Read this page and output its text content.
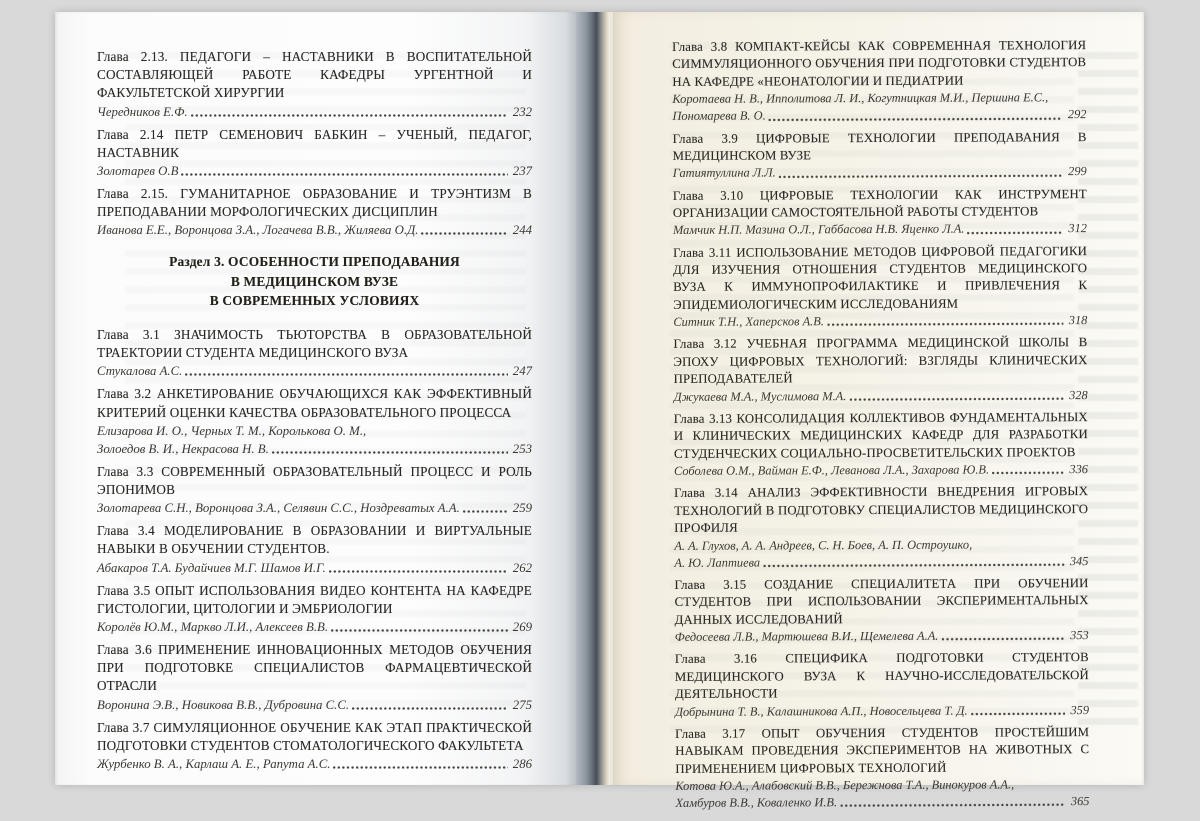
Глава 2.13. ПЕДАГОГИ – НАСТАВНИКИ В ВОСПИТАТЕЛЬНОЙ СОСТАВЛЯЮЩЕЙ РАБОТЕ КАФЕДРЫ УРГЕНТНОЙ И ФАКУЛЬТЕТСКОЙ ХИРУРГИИ
Чередников Е.Ф.	232
Глава 2.14 ПЕТР СЕМЕНОВИЧ БАБКИН – УЧЕНЫЙ, ПЕДАГОГ, НАСТАВНИК
Золотарев О.В	237
Глава 2.15. ГУМАНИТАРНОЕ ОБРАЗОВАНИЕ И ТРУЭНТИЗМ В ПРЕПОДАВАНИИ МОРФОЛОГИЧЕСКИХ ДИСЦИПЛИН
Иванова Е.Е., Воронцова З.А., Логачева В.В., Жиляева О.Д.	244
Раздел 3. ОСОБЕННОСТИ ПРЕПОДАВАНИЯ
В МЕДИЦИНСКОМ ВУЗЕ
В СОВРЕМЕННЫХ УСЛОВИЯХ
Глава 3.1 ЗНАЧИМОСТЬ ТЬЮТОРСТВА В ОБРАЗОВАТЕЛЬНОЙ ТРАЕКТОРИИ СТУДЕНТА МЕДИЦИНСКОГО ВУЗА
Стукалова А.С.	247
Глава 3.2 АНКЕТИРОВАНИЕ ОБУЧАЮЩИХСЯ КАК ЭФФЕКТИВНЫЙ КРИТЕРИЙ ОЦЕНКИ КАЧЕСТВА ОБРАЗОВАТЕЛЬНОГО ПРОЦЕССА
Елизарова И. О., Черных Т. М., Королькова О. М.,
Золоедов В. И., Некрасова Н. В.	253
Глава 3.3 СОВРЕМЕННЫЙ ОБРАЗОВАТЕЛЬНЫЙ ПРОЦЕСС И РОЛЬ ЭПОНИМОВ
Золотарева С.Н., Воронцова З.А., Селявин С.С., Ноздреватых А.А.	259
Глава 3.4 МОДЕЛИРОВАНИЕ В ОБРАЗОВАНИИ И ВИРТУАЛЬНЫЕ НАВЫКИ В ОБУЧЕНИИ СТУДЕНТОВ.
Абакаров Т.А. Будайчиев М.Г. Шамов И.Г.	262
Глава 3.5 ОПЫТ ИСПОЛЬЗОВАНИЯ ВИДЕО КОНТЕНТА НА КАФЕДРЕ ГИСТОЛОГИИ, ЦИТОЛОГИИ И ЭМБРИОЛОГИИ
Королёв Ю.М., Маркво Л.И., Алексеев В.В.	269
Глава 3.6 ПРИМЕНЕНИЕ ИННОВАЦИОННЫХ МЕТОДОВ ОБУЧЕНИЯ ПРИ ПОДГОТОВКЕ СПЕЦИАЛИСТОВ ФАРМАЦЕВТИЧЕСКОЙ ОТРАСЛИ
Воронина Э.В., Новикова В.В., Дубровина С.С.	275
Глава 3.7 СИМУЛЯЦИОННОЕ ОБУЧЕНИЕ КАК ЭТАП ПРАКТИЧЕСКОЙ ПОДГОТОВКИ СТУДЕНТОВ СТОМАТОЛОГИЧЕСКОГО ФАКУЛЬТЕТА
Журбенко В. А., Карлаш А. Е., Рапута А.С.	286
Глава 3.8 КОМПАКТ-КЕЙСЫ КАК СОВРЕМЕННАЯ ТЕХНОЛОГИЯ СИММУЛЯЦИОННОГО ОБУЧЕНИЯ ПРИ ПОДГОТОВКИ СТУДЕНТОВ НА КАФЕДРЕ «НЕОНАТОЛОГИИ И ПЕДИАТРИИ
Коротаева Н. В., Ипполитова Л. И., Когутницкая М.И., Першина Е.С.,
Пономарева В. О.	292
Глава 3.9 ЦИФРОВЫЕ ТЕХНОЛОГИИ ПРЕПОДАВАНИЯ В МЕДИЦИНСКОМ ВУЗЕ
Гатиятуллина Л.Л.	299
Глава 3.10 ЦИФРОВЫЕ ТЕХНОЛОГИИ КАК ИНСТРУМЕНТ ОРГАНИЗАЦИИ САМОСТОЯТЕЛЬНОЙ РАБОТЫ СТУДЕНТОВ
Мамчик Н.П. Мазина О.Л., Габбасова Н.В. Яценко Л.А.	312
Глава 3.11 ИСПОЛЬЗОВАНИЕ МЕТОДОВ ЦИФРОВОЙ ПЕДАГОГИКИ ДЛЯ ИЗУЧЕНИЯ ОТНОШЕНИЯ СТУДЕНТОВ МЕДИЦИНСКОГО ВУЗА К ИММУНОПРОФИЛАКТИКЕ И ПРИВЛЕЧЕНИЯ К ЭПИДЕМИОЛОГИЧЕСКИМ ИССЛЕДОВАНИЯМ
Ситник Т.Н., Хаперсков А.В.	318
Глава 3.12 УЧЕБНАЯ ПРОГРАММА МЕДИЦИНСКОЙ ШКОЛЫ В ЭПОХУ ЦИФРОВЫХ ТЕХНОЛОГИЙ: ВЗГЛЯДЫ КЛИНИЧЕСКИХ ПРЕПОДАВАТЕЛЕЙ
Джукаева М.А., Муслимова М.А.	328
Глава 3.13 КОНСОЛИДАЦИЯ КОЛЛЕКТИВОВ ФУНДАМЕНТАЛЬНЫХ И КЛИНИЧЕСКИХ МЕДИЦИНСКИХ КАФЕДР ДЛЯ РАЗРАБОТКИ СТУДЕНЧЕСКИХ СОЦИАЛЬНО-ПРОСВЕТИТЕЛЬСКИХ ПРОЕКТОВ
Соболева О.М., Вайман Е.Ф., Леванова Л.А., Захарова Ю.В.	336
Глава 3.14 АНАЛИЗ ЭФФЕКТИВНОСТИ ВНЕДРЕНИЯ ИГРОВЫХ ТЕХНОЛОГИЙ В ПОДГОТОВКУ СПЕЦИАЛИСТОВ МЕДИЦИНСКОГО ПРОФИЛЯ
А. А. Глухов, А. А. Андреев, С. Н. Боев, А. П. Остроушко,
А. Ю. Лаптиева	345
Глава 3.15 СОЗДАНИЕ СПЕЦИАЛИТЕТА ПРИ ОБУЧЕНИИ СТУДЕНТОВ ПРИ ИСПОЛЬЗОВАНИИ ЭКСПЕРИМЕНТАЛЬНЫХ ДАННЫХ ИССЛЕДОВАНИЙ
Федосеева Л.В., Мартюшева В.И., Щемелева А.А.	353
Глава 3.16 СПЕЦИФИКА ПОДГОТОВКИ СТУДЕНТОВ МЕДИЦИНСКОГО ВУЗА К НАУЧНО-ИССЛЕДОВАТЕЛЬСКОЙ ДЕЯТЕЛЬНОСТИ
Добрынина Т. В., Калашникова А.П., Новосельцева Т. Д.	359
Глава 3.17 ОПЫТ ОБУЧЕНИЯ СТУДЕНТОВ ПРОСТЕЙШИМ НАВЫКАМ ПРОВЕДЕНИЯ ЭКСПЕРИМЕНТОВ НА ЖИВОТНЫХ С ПРИМЕНЕНИЕМ ЦИФРОВЫХ ТЕХНОЛОГИЙ
Котова Ю.А., Алабовский В.В., Бережнова Т.А., Винокуров А.А.,
Хамбуров В.В., Коваленко И.В.	365
